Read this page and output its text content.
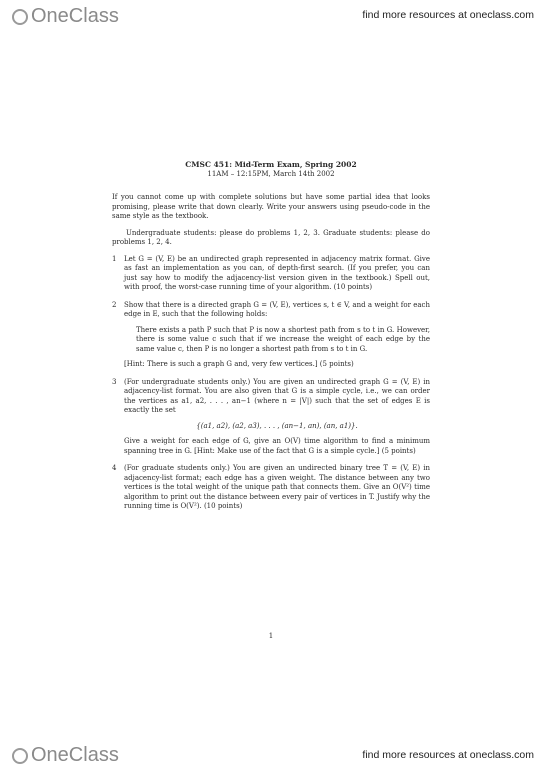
OneClass	find more resources at oneclass.com
CMSC 451: Mid-Term Exam, Spring 2002
11AM – 12:15PM, March 14th 2002

If you cannot come up with complete solutions but have some partial idea that looks promising, please write that down clearly. Write your answers using pseudo-code in the same style as the textbook.

Undergraduate students: please do problems 1, 2, 3. Graduate students: please do problems 1, 2, 4.

1	Let G = (V, E) be an undirected graph represented in adjacency matrix format. Give as fast an implementation as you can, of depth-first search. (If you prefer, you can just say how to modify the adjacency-list version given in the textbook.) Spell out, with proof, the worst-case running time of your algorithm. (10 points)
2	Show that there is a directed graph G = (V, E), vertices s, t ∈ V, and a weight for each edge in E, such that the following holds:
There exists a path P such that P is now a shortest path from s to t in G. However, there is some value c such that if we increase the weight of each edge by the same value c, then P is no longer a shortest path from s to t in G.
[Hint: There is such a graph G and, very few vertices.] (5 points)
3	(For undergraduate students only.) You are given an undirected graph G = (V, E) in adjacency-list format. You are also given that G is a simple cycle, i.e., we can order the vertices as a1, a2, . . . , an−1 (where n = |V|) such that the set of edges E is exactly the set
{(a1, a2), (a2, a3), . . . , (an−1, an), (an, a1)}.
Give a weight for each edge of G, give an O(V) time algorithm to find a minimum spanning tree in G. [Hint: Make use of the fact that G is a simple cycle.] (5 points)
4	(For graduate students only.) You are given an undirected binary tree T = (V, E) in adjacency-list format; each edge has a given weight. The distance between any two vertices is the total weight of the unique path that connects them. Give an O(V²) time algorithm to print out the distance between every pair of vertices in T. Justify why the running time is O(V²). (10 points)
1
OneClass	find more resources at oneclass.com
